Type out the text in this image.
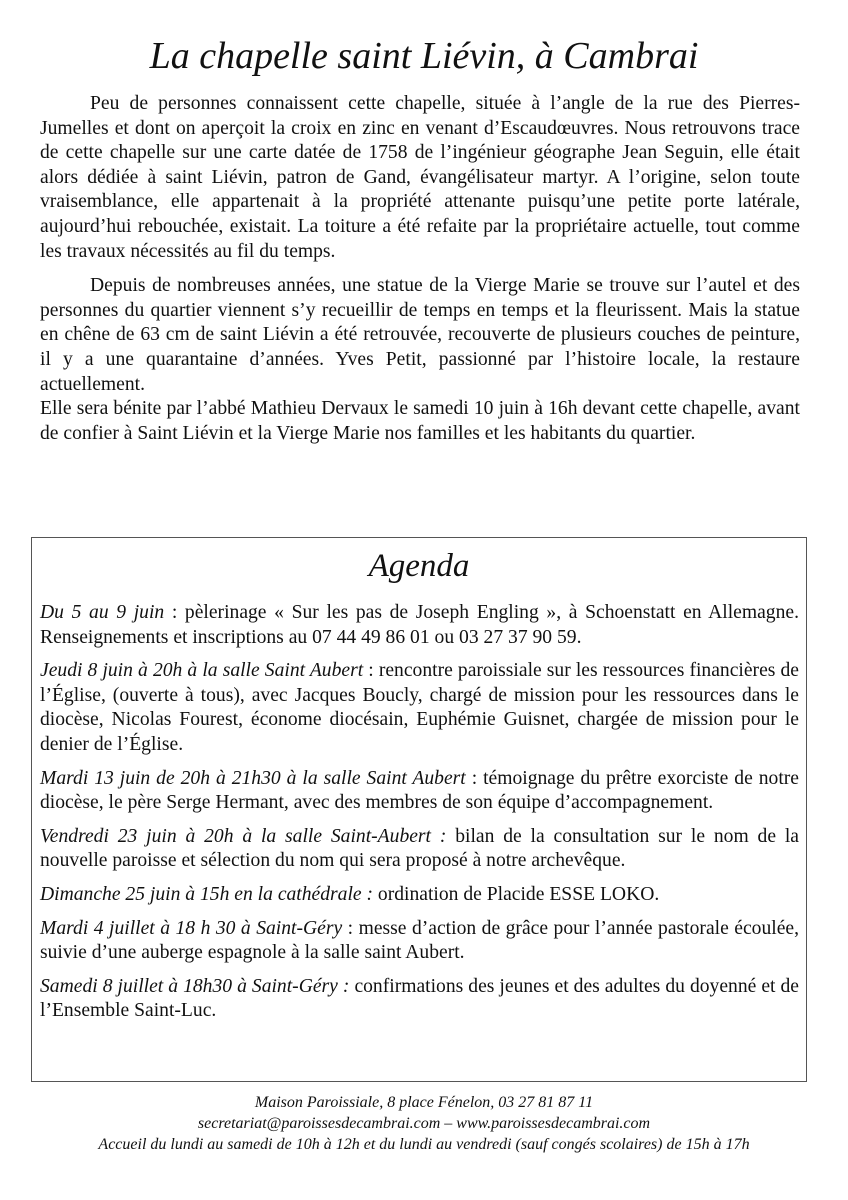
La chapelle saint Liévin, à Cambrai

Peu de personnes connaissent cette chapelle, située à l’angle de la rue des Pierres-Jumelles et dont on aperçoit la croix en zinc en venant d’Escaudœuvres. Nous retrouvons trace de cette chapelle sur une carte datée de 1758 de l’ingénieur géographe Jean Seguin, elle était alors dédiée à saint Liévin, patron de Gand, évangélisateur martyr. A l’origine, selon toute vraisemblance, elle appartenait à la propriété attenante puisqu’une petite porte latérale, aujourd’hui rebouchée, existait. La toiture a été refaite par la propriétaire actuelle, tout comme les travaux nécessités au fil du temps.

Depuis de nombreuses années, une statue de la Vierge Marie se trouve sur l’autel et des personnes du quartier viennent s’y recueillir de temps en temps et la fleurissent. Mais la statue en chêne de 63 cm de saint Liévin a été retrouvée, recouverte de plusieurs couches de peinture, il y a une quarantaine d’années. Yves Petit, passionné par l’histoire locale, la restaure actuellement.

Elle sera bénite par l’abbé Mathieu Dervaux le samedi 10 juin à 16h devant cette chapelle, avant de confier à Saint Liévin et la Vierge Marie nos familles et les habitants du quartier.

Agenda

Du 5 au 9 juin : pèlerinage « Sur les pas de Joseph Engling », à Schoenstatt en Allemagne. Renseignements et inscriptions au 07 44 49 86 01 ou 03 27 37 90 59.

Jeudi 8 juin à 20h à la salle Saint Aubert : rencontre paroissiale sur les ressources financières de l’Église, (ouverte à tous), avec Jacques Boucly, chargé de mission pour les ressources dans le diocèse, Nicolas Fourest, économe diocésain, Euphémie Guisnet, chargée de mission pour le denier de l’Église.

Mardi 13 juin de 20h à 21h30 à la salle Saint Aubert : témoignage du prêtre exorciste de notre diocèse, le père Serge Hermant, avec des membres de son équipe d’accompagnement.

Vendredi 23 juin à 20h à la salle Saint-Aubert : bilan de la consultation sur le nom de la nouvelle paroisse et sélection du nom qui sera proposé à notre archevêque.

Dimanche 25 juin à 15h en la cathédrale : ordination de Placide ESSE LOKO.

Mardi 4 juillet à 18 h 30 à Saint-Géry : messe d’action de grâce pour l’année pastorale écoulée, suivie d’une auberge espagnole à la salle saint Aubert.

Samedi 8 juillet à 18h30 à Saint-Géry : confirmations des jeunes et des adultes du doyenné et de l’Ensemble Saint-Luc.

Maison Paroissiale, 8 place Fénelon, 03 27 81 87 11
secretariat@paroissesdecambrai.com – www.paroissesdecambrai.com
Accueil du lundi au samedi de 10h à 12h et du lundi au vendredi (sauf congés scolaires) de 15h à 17h
